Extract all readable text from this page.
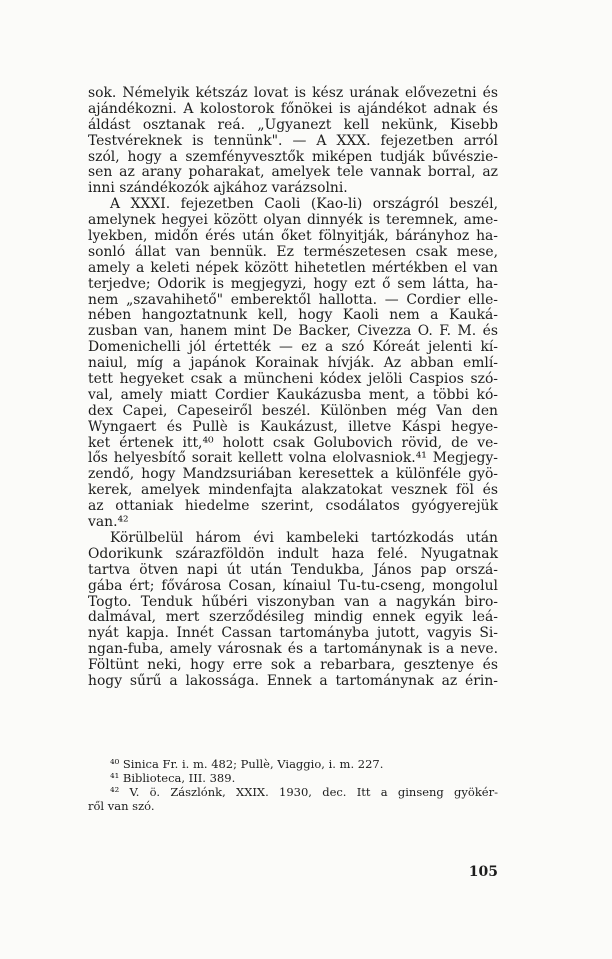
sok. Némelyik kétszáz lovat is kész urának elővezetni és
ajándékozni. A kolostorok főnökei is ajándékot adnak és
áldást osztanak reá. „Ugyanezt kell nekünk, Kisebb
Testvéreknek is tennünk". — A XXX. fejezetben arról
szól, hogy a szemfényvesztők miképen tudják bűvészie-
sen az arany poharakat, amelyek tele vannak borral, az
inni szándékozók ajkához varázsolni.
A XXXI. fejezetben Caoli (Kao-li) országról beszél,
amelynek hegyei között olyan dinnyék is teremnek, ame-
lyekben, midőn érés után őket fölnyitják, bárányhoz ha-
sonló állat van bennük. Ez természetesen csak mese,
amely a keleti népek között hihetetlen mértékben el van
terjedve; Odorik is megjegyzi, hogy ezt ő sem látta, ha-
nem „szavahihető" emberektől hallotta. — Cordier elle-
nében hangoztatnunk kell, hogy Kaoli nem a Kauká-
zusban van, hanem mint De Backer, Civezza O. F. M. és
Domenichelli jól értették — ez a szó Kóreát jelenti kí-
naiul, míg a japánok Korainak hívják. Az abban emlí-
tett hegyeket csak a müncheni kódex jelöli Caspios szó-
val, amely miatt Cordier Kaukázusba ment, a többi kó-
dex Capei, Capeseiről beszél. Különben még Van den
Wyngaert és Pullè is Kaukázust, illetve Káspi hegye-
ket értenek itt,⁴⁰ holott csak Golubovich rövid, de ve-
lős helyesbítő sorait kellett volna elolvasniok.⁴¹ Megjegy-
zendő, hogy Mandzsuriában keresettek a különféle gyö-
kerek, amelyek mindenfajta alakzatokat vesznek föl és
az ottaniak hiedelme szerint, csodálatos gyógyerejük
van.⁴²
Körülbelül három évi kambeleki tartózkodás után
Odorikunk szárazföldön indult haza felé. Nyugatnak
tartva ötven napi út után Tendukba, János pap orszá-
gába ért; fővárosa Cosan, kínaiul Tu-tu-cseng, mongolul
Togto. Tenduk hűbéri viszonyban van a nagykán biro-
dalmával, mert szerződésileg mindig ennek egyik leá-
nyát kapja. Innét Cassan tartományba jutott, vagyis Si-
ngan-fuba, amely városnak és a tartománynak is a neve.
Föltünt neki, hogy erre sok a rebarbara, gesztenye és
hogy sűrű a lakossága. Ennek a tartománynak az érin-
⁴⁰ Sinica Fr. i. m. 482; Pullè, Viaggio, i. m. 227.
⁴¹ Biblioteca, III. 389.
⁴² V. ö. Zászlónk, XXIX. 1930, dec. Itt a ginseng gyökér-
ről van szó.
105
